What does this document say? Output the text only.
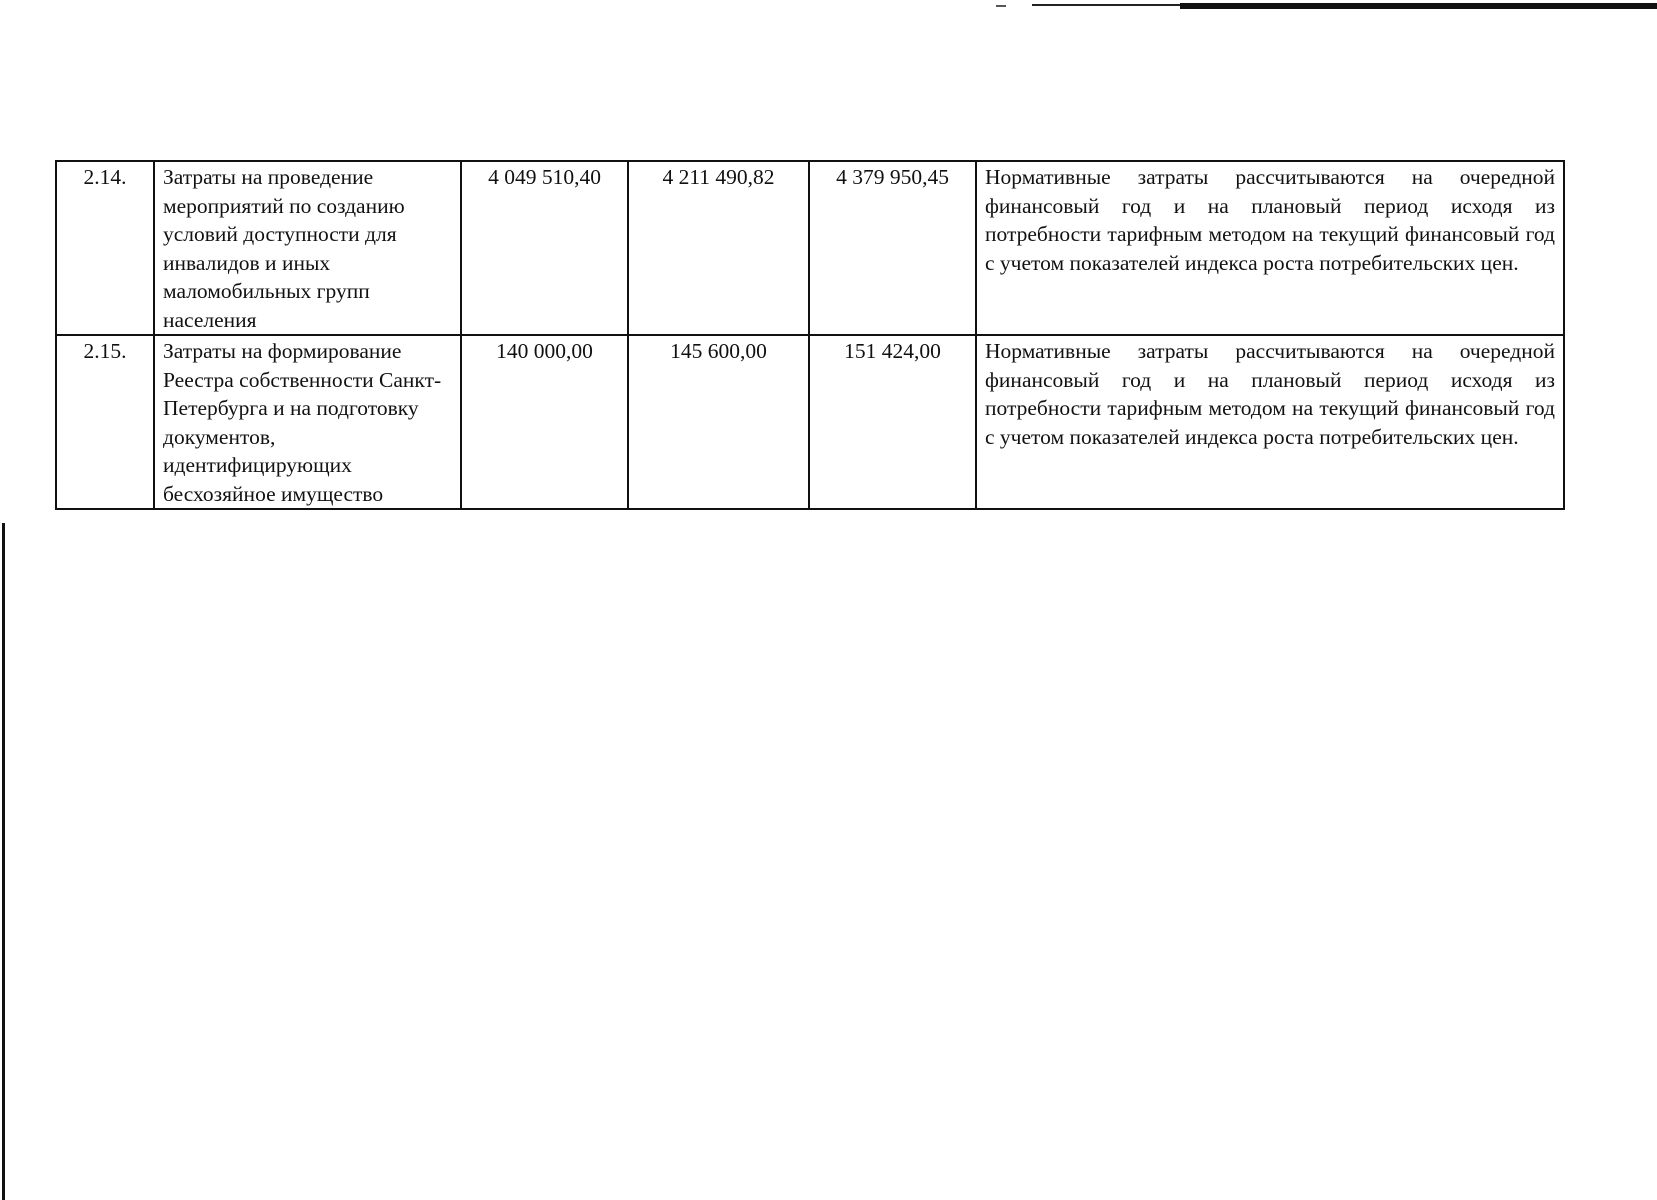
2.14.	Затраты на проведение мероприятий по созданию условий доступности для инвалидов и иных маломобильных групп населения	4 049 510,40	4 211 490,82	4 379 950,45	Нормативные затраты рассчитываются на очередной финансовый год и на плановый период исходя из потребности тарифным методом на текущий финансовый год с учетом показателей индекса роста потребительских цен.
2.15.	Затраты на формирование Реестра собственности Санкт-Петербурга и на подготовку документов, идентифицирующих бесхозяйное имущество	140 000,00	145 600,00	151 424,00	Нормативные затраты рассчитываются на очередной финансовый год и на плановый период исходя из потребности тарифным методом на текущий финансовый год с учетом показателей индекса роста потребительских цен.
